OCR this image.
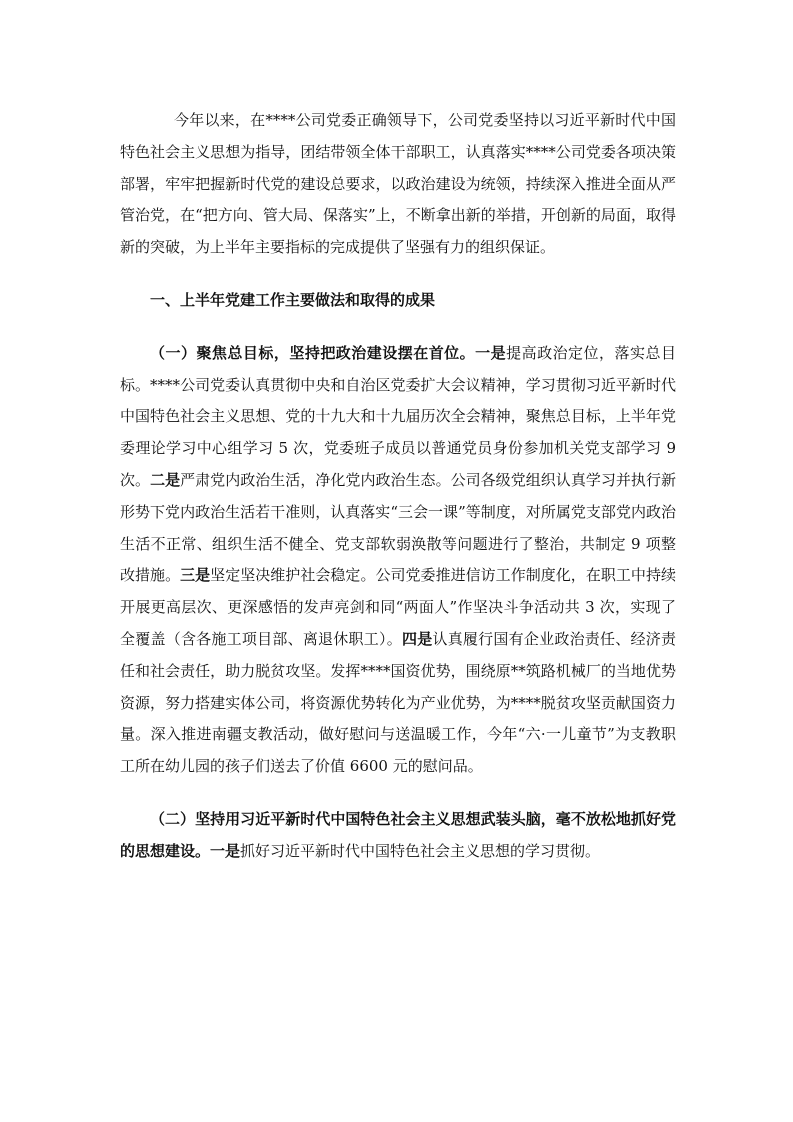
今年以来，在****公司党委正确领导下，公司党委坚持以习近平新时代中国特色社会主义思想为指导，团结带领全体干部职工，认真落实****公司党委各项决策部署，牢牢把握新时代党的建设总要求，以政治建设为统领，持续深入推进全面从严管治党，在“把方向、管大局、保落实”上，不断拿出新的举措，开创新的局面，取得新的突破，为上半年主要指标的完成提供了坚强有力的组织保证。

一、上半年党建工作主要做法和取得的成果

（一）聚焦总目标，坚持把政治建设摆在首位。一是提高政治定位，落实总目标。****公司党委认真贯彻中央和自治区党委扩大会议精神，学习贯彻习近平新时代中国特色社会主义思想、党的十九大和十九届历次全会精神，聚焦总目标，上半年党委理论学习中心组学习 5 次，党委班子成员以普通党员身份参加机关党支部学习 9 次。二是严肃党内政治生活，净化党内政治生态。公司各级党组织认真学习并执行新形势下党内政治生活若干准则，认真落实“三会一课”等制度，对所属党支部党内政治生活不正常、组织生活不健全、党支部软弱涣散等问题进行了整治，共制定 9 项整改措施。三是坚定坚决维护社会稳定。公司党委推进信访工作制度化，在职工中持续开展更高层次、更深感悟的发声亮剑和同“两面人”作坚决斗争活动共 3 次，实现了全覆盖（含各施工项目部、离退休职工）。四是认真履行国有企业政治责任、经济责任和社会责任，助力脱贫攻坚。发挥****国资优势，围绕原**筑路机械厂的当地优势资源，努力搭建实体公司，将资源优势转化为产业优势，为****脱贫攻坚贡献国资力量。深入推进南疆支教活动，做好慰问与送温暖工作，今年“六·一儿童节”为支教职工所在幼儿园的孩子们送去了价值 6600 元的慰问品。

（二）坚持用习近平新时代中国特色社会主义思想武装头脑，毫不放松地抓好党的思想建设。一是抓好习近平新时代中国特色社会主义思想的学习贯彻。
